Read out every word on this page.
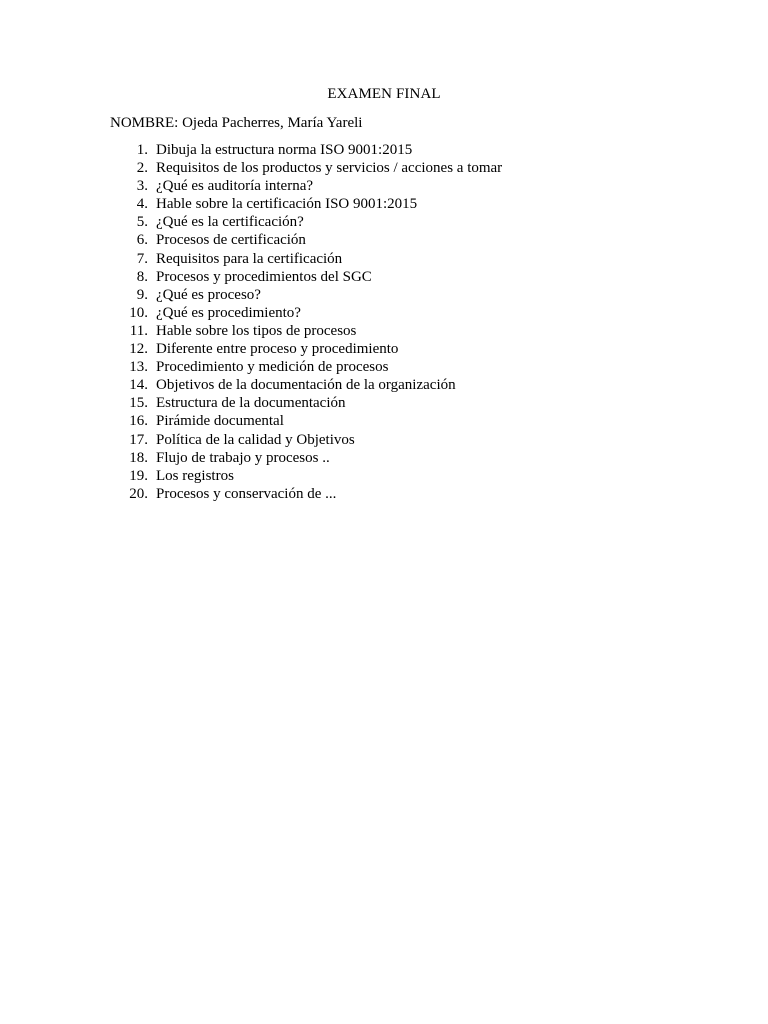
EXAMEN FINAL
NOMBRE: Ojeda Pacherres, María Yareli
1. Dibuja la estructura norma ISO 9001:2015
2. Requisitos de los productos y servicios / acciones a tomar
3. ¿Qué es auditoría interna?
4. Hable sobre la certificación ISO 9001:2015
5. ¿Qué es la certificación?
6. Procesos de certificación
7. Requisitos para la certificación
8. Procesos y procedimientos del SGC
9. ¿Qué es proceso?
10. ¿Qué es procedimiento?
11. Hable sobre los tipos de procesos
12. Diferente entre proceso y procedimiento
13. Procedimiento y medición de procesos
14. Objetivos de la documentación de la organización
15. Estructura de la documentación
16. Pirámide documental
17. Política de la calidad y Objetivos
18. Flujo de trabajo y procesos ..
19. Los registros
20. Procesos y conservación de ...
